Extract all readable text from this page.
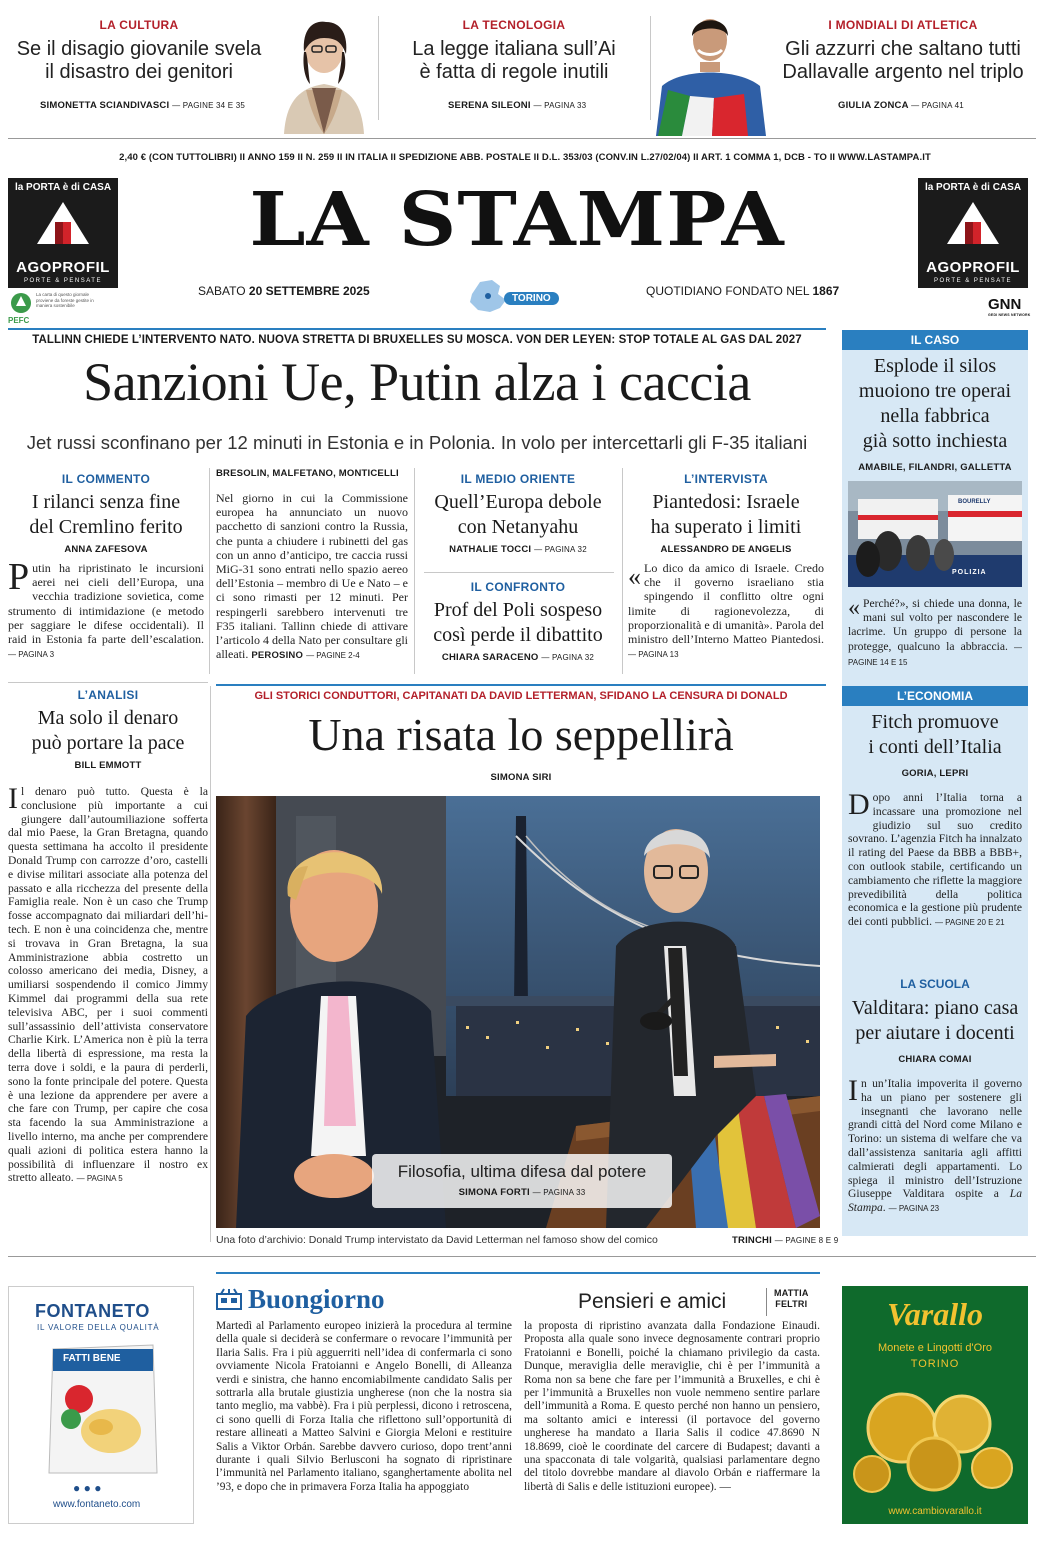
LA CULTURA
Se il disagio giovanile svela
il disastro dei genitori
SIMONETTA SCIANDIVASCI — PAGINE 34 E 35
LA TECNOLOGIA
La legge italiana sull’Ai
è fatta di regole inutili
SERENA SILEONI — PAGINA 33
I MONDIALI DI ATLETICA
Gli azzurri che saltano tutti
Dallavalle argento nel triplo
GIULIA ZONCA — PAGINA 41
2,40 € (CON TUTTOLIBRI) II ANNO 159 II N. 259 II IN ITALIA II SPEDIZIONE ABB. POSTALE II D.L. 353/03 (CONV.IN L.27/02/04) II ART. 1 COMMA 1, DCB - TO II WWW.LASTAMPA.IT
la PORTA è di CASA
AGOPROFIL
PORTE & PENSATE
la PORTA è di CASA
AGOPROFIL
PORTE & PENSATE
LA STAMPA
SABATO 20 SETTEMBRE 2025
TORINO
QUOTIDIANO FONDATO NEL 1867
PEFC
La carta di questo giornale proviene da foreste gestite in maniera sostenibile	GNN
GEDI NEWS NETWORK
TALLINN CHIEDE L’INTERVENTO NATO. NUOVA STRETTA DI BRUXELLES SU MOSCA. VON DER LEYEN: STOP TOTALE AL GAS DAL 2027
Sanzioni Ue, Putin alza i caccia
Jet russi sconfinano per 12 minuti in Estonia e in Polonia. In volo per intercettarli gli F-35 italiani
IL COMMENTO
I rilanci senza fine
del Cremlino ferito
ANNA ZAFESOVA
Putin ha ripristinato le incursioni aerei nei cieli dell’Europa, una vecchia tradizione sovietica, come strumento di intimidazione (e metodo per saggiare le difese occidentali). Il raid in Estonia fa parte dell’escalation. — PAGINA 3
BRESOLIN, MALFETANO, MONTICELLI
Nel giorno in cui la Commissione europea ha annunciato un nuovo pacchetto di sanzioni contro la Russia, che punta a chiudere i rubinetti del gas con un anno d’anticipo, tre caccia russi MiG-31 sono entrati nello spazio aereo dell’Estonia – membro di Ue e Nato – e ci sono rimasti per 12 minuti. Per respingerli sarebbero intervenuti tre F35 italiani. Tallinn chiede di attivare l’articolo 4 della Nato per consultare gli alleati. PEROSINO — PAGINE 2-4
IL MEDIO ORIENTE
Quell’Europa debole
con Netanyahu
NATHALIE TOCCI — PAGINA 32
IL CONFRONTO
Prof del Poli sospeso
così perde il dibattito
CHIARA SARACENO — PAGINA 32
L’INTERVISTA
Piantedosi: Israele
ha superato i limiti
ALESSANDRO DE ANGELIS
« Lo dico da amico di Israele. Credo che il governo israeliano stia spingendo il conflitto oltre ogni limite di ragionevolezza, di proporzionalità e di umanità». Parola del ministro dell’Interno Matteo Piantedosi. — PAGINA 13
L’ANALISI
Ma solo il denaro
può portare la pace
BILL EMMOTT
Il denaro può tutto. Questa è la conclusione più importante a cui giungere dall’autoumiliazione sofferta dal mio Paese, la Gran Bretagna, quando questa settimana ha accolto il presidente Donald Trump con carrozze d’oro, castelli e divise militari associate alla potenza del passato e alla ricchezza del presente della Famiglia reale. Non è un caso che Trump fosse accompagnato dai miliardari dell’hi-tech. E non è una coincidenza che, mentre si trovava in Gran Bretagna, la sua Amministrazione abbia costretto un colosso americano dei media, Disney, a umiliarsi sospendendo il comico Jimmy Kimmel dai programmi della sua rete televisiva ABC, per i suoi commenti sull’assassinio dell’attivista conservatore Charlie Kirk. L’America non è più la terra della libertà di espressione, ma resta la terra dove i soldi, e la paura di perderli, sono la fonte principale del potere. Questa è una lezione da apprendere per avere a che fare con Trump, per capire che cosa sta facendo la sua Amministrazione a livello interno, ma anche per comprendere quali azioni di politica estera hanno la possibilità di influenzare il nostro ex stretto alleato. — PAGINA 5
GLI STORICI CONDUTTORI, CAPITANATI DA DAVID LETTERMAN, SFIDANO LA CENSURA DI DONALD
Una risata lo seppellirà
SIMONA SIRI
Filosofia, ultima difesa dal potere
SIMONA FORTI — PAGINA 33
Una foto d’archivio: Donald Trump intervistato da David Letterman nel famoso show del comico	TRINCHI — PAGINE 8 E 9
IL CASO
Esplode il silos
muoiono tre operai
nella fabbrica
già sotto inchiesta
AMABILE, FILANDRI, GALLETTA
BOURELLY
POLIZIA
« Perché?», si chiede una donna, le mani sul volto per nascondere le lacrime. Un gruppo di persone la protegge, qualcuno la abbraccia. — PAGINE 14 E 15
L’ECONOMIA
Fitch promuove
i conti dell’Italia
GORIA, LEPRI
Dopo anni l’Italia torna a incassare una promozione nel giudizio sul suo credito sovrano. L’agenzia Fitch ha innalzato il rating del Paese da BBB a BBB+, con outlook stabile, certificando un cambiamento che riflette la maggiore prevedibilità della politica economica e la gestione più prudente dei conti pubblici. — PAGINE 20 E 21
LA SCUOLA
Valditara: piano casa
per aiutare i docenti
CHIARA COMAI
In un’Italia impoverita il governo ha un piano per sostenere gli insegnanti che lavorano nelle grandi città del Nord come Milano e Torino: un sistema di welfare che va dall’assistenza sanitaria agli affitti calmierati degli appartamenti. Lo spiega il ministro dell’Istruzione Giuseppe Valditara ospite a La Stampa. — PAGINA 23
FONTANETO
IL VALORE DELLA QUALITÀ
FATTI BENE
● ● ●
www.fontaneto.com
Buongiorno	Pensieri e amici	MATTIA
FELTRI
Martedì al Parlamento europeo inizierà la procedura al termine della quale si deciderà se confermare o revocare l’immunità per Ilaria Salis. Fra i più agguerriti nell’idea di confermarla ci sono ovviamente Nicola Fratoianni e Angelo Bonelli, di Alleanza verdi e sinistra, che hanno encomiabilmente candidato Salis per sottrarla alla brutale giustizia ungherese (non che la nostra sia tanto meglio, ma vabbè). Fra i più perplessi, dicono i retroscena, ci sono quelli di Forza Italia che riflettono sull’opportunità di restare allineati a Matteo Salvini e Giorgia Meloni e restituire Salis a Viktor Orbán. Sarebbe davvero curioso, dopo trent’anni durante i quali Silvio Berlusconi ha sognato di ripristinare l’immunità nel Parlamento italiano, sganghertamente abolita nel ’93, e dopo che in primavera Forza Italia ha appoggiato
la proposta di ripristino avanzata dalla Fondazione Einaudi. Proposta alla quale sono invece degnosamente contrari proprio Fratoianni e Bonelli, poiché la chiamano privilegio da casta. Dunque, meraviglia delle meraviglie, chi è per l’immunità a Roma non sa bene che fare per l’immunità a Bruxelles, e chi è per l’immunità a Bruxelles non vuole nemmeno sentire parlare dell’immunità a Roma. E questo perché non hanno un pensiero, ma soltanto amici e interessi (il portavoce del governo ungherese ha mandato a Ilaria Salis il codice 47.8690 N 18.8699, cioè le coordinate del carcere di Budapest; davanti a una spacconata di tale volgarità, qualsiasi parlamentare degno del titolo dovrebbe mandare al diavolo Orbán e riaffermare la libertà di Salis e delle istituzioni europee). —
Varallo
Monete e Lingotti d'Oro
TORINO
www.cambiovarallo.it
